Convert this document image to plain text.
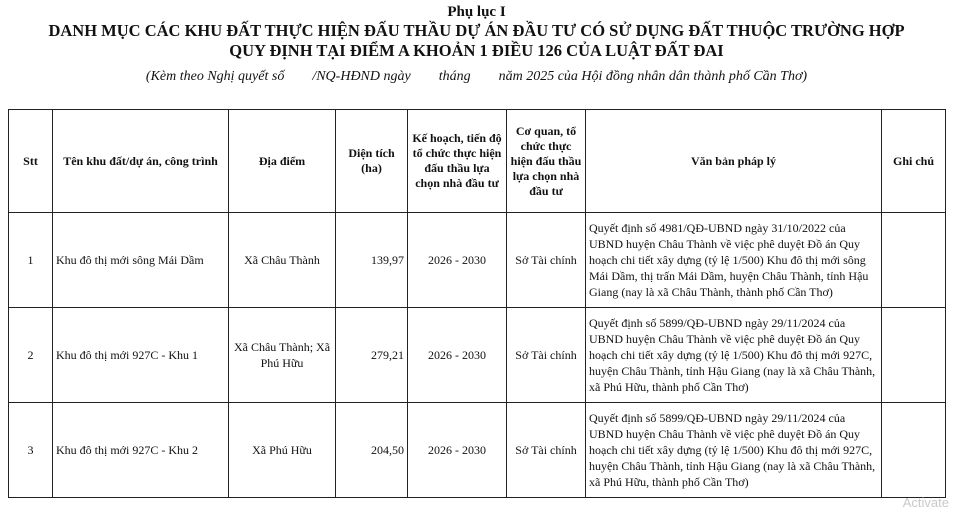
Phụ lục I
DANH MỤC CÁC KHU ĐẤT THỰC HIỆN ĐẤU THẦU DỰ ÁN ĐẦU TƯ CÓ SỬ DỤNG ĐẤT THUỘC TRƯỜNG HỢP
QUY ĐỊNH TẠI ĐIỂM A KHOẢN 1 ĐIỀU 126 CỦA LUẬT ĐẤT ĐAI
(Kèm theo Nghị quyết số        /NQ-HĐND ngày        tháng        năm 2025 của Hội đồng nhân dân thành phố Cần Thơ)
Stt	Tên khu đất/dự án, công trình	Địa điểm	Diện tích (ha)	Kế hoạch, tiến độ tổ chức thực hiện đấu thầu lựa chọn nhà đầu tư	Cơ quan, tổ chức thực hiện đấu thầu lựa chọn nhà đầu tư	Văn bản pháp lý	Ghi chú
1	Khu đô thị mới sông Mái Dầm	Xã Châu Thành	139,97	2026 - 2030	Sở Tài chính	Quyết định số 4981/QĐ-UBND ngày 31/10/2022 của UBND huyện Châu Thành về việc phê duyệt Đồ án Quy hoạch chi tiết xây dựng (tỷ lệ 1/500) Khu đô thị mới sông Mái Dầm, thị trấn Mái Dầm, huyện Châu Thành, tỉnh Hậu Giang (nay là xã Châu Thành, thành phố Cần Thơ)	
2	Khu đô thị mới 927C - Khu 1	Xã Châu Thành; Xã Phú Hữu	279,21	2026 - 2030	Sở Tài chính	Quyết định số 5899/QĐ-UBND ngày 29/11/2024 của UBND huyện Châu Thành về việc phê duyệt Đồ án Quy hoạch chi tiết xây dựng (tỷ lệ 1/500) Khu đô thị mới 927C, huyện Châu Thành, tỉnh Hậu Giang (nay là xã Châu Thành, xã Phú Hữu, thành phố Cần Thơ)	
3	Khu đô thị mới 927C - Khu 2	Xã Phú Hữu	204,50	2026 - 2030	Sở Tài chính	Quyết định số 5899/QĐ-UBND ngày 29/11/2024 của UBND huyện Châu Thành về việc phê duyệt Đồ án Quy hoạch chi tiết xây dựng (tỷ lệ 1/500) Khu đô thị mới 927C, huyện Châu Thành, tỉnh Hậu Giang (nay là xã Châu Thành, xã Phú Hữu, thành phố Cần Thơ)	
Activate
